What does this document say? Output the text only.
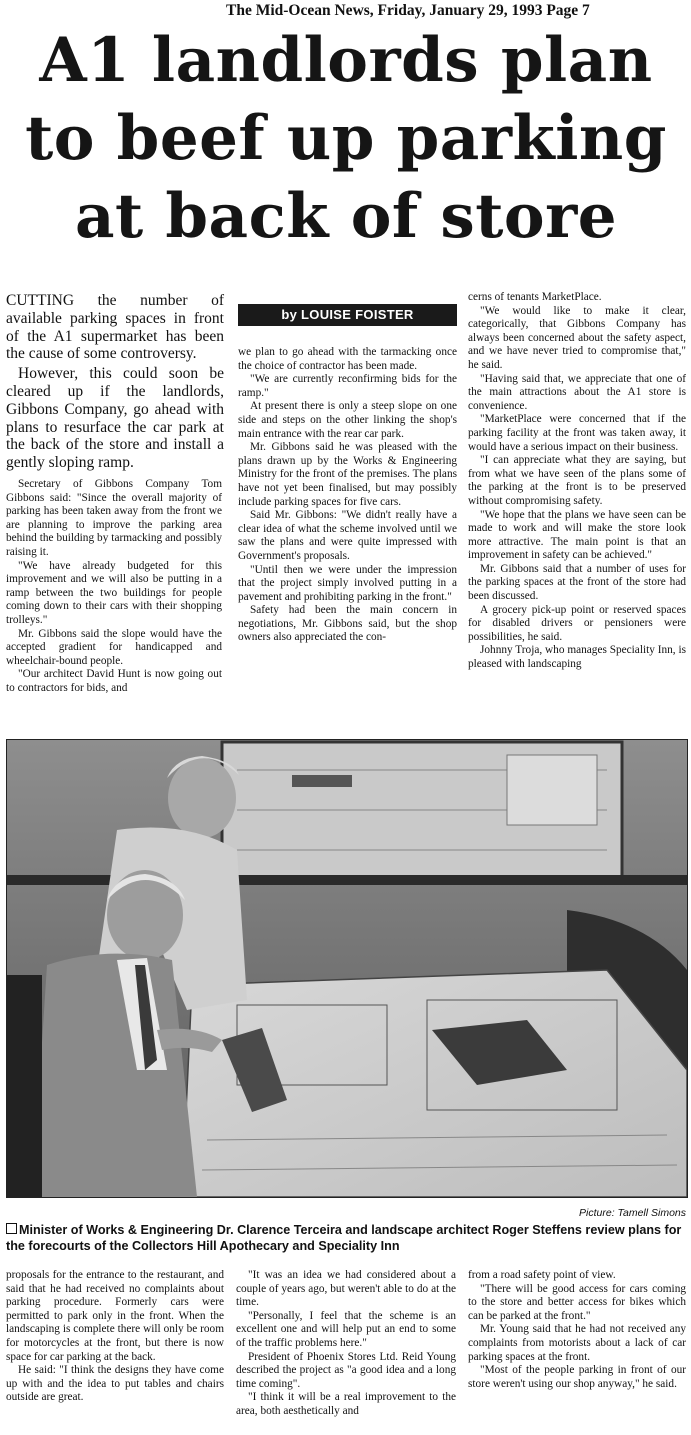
The Mid-Ocean News, Friday, January 29, 1993 Page 7
A1 landlords plan
to beef up parking
at back of store

CUTTING the number of available parking spaces in front of the A1 supermarket has been the cause of some controversy.

However, this could soon be cleared up if the landlords, Gibbons Company, go ahead with plans to resurface the car park at the back of the store and install a gently sloping ramp.

Secretary of Gibbons Company Tom Gibbons said: "Since the overall majority of parking has been taken away from the front we are planning to improve the parking area behind the building by tarmacking and possibly raising it.

"We have already budgeted for this improvement and we will also be putting in a ramp between the two buildings for people coming down to their cars with their shopping trolleys."

Mr. Gibbons said the slope would have the accepted gradient for handicapped and wheelchair-bound people.

"Our architect David Hunt is now going out to contractors for bids, and

by LOUISE FOISTER

we plan to go ahead with the tarmacking once the choice of contractor has been made.

"We are currently reconfirming bids for the ramp."

At present there is only a steep slope on one side and steps on the other linking the shop's main entrance with the rear car park.

Mr. Gibbons said he was pleased with the plans drawn up by the Works & Engineering Ministry for the front of the premises. The plans have not yet been finalised, but may possibly include parking spaces for five cars.

Said Mr. Gibbons: "We didn't really have a clear idea of what the scheme involved until we saw the plans and were quite impressed with Government's proposals.

"Until then we were under the impression that the project simply involved putting in a pavement and prohibiting parking in the front."

Safety had been the main concern in negotiations, Mr. Gibbons said, but the shop owners also appreciated the con-

cerns of tenants MarketPlace.

"We would like to make it clear, categorically, that Gibbons Company has always been concerned about the safety aspect, and we have never tried to compromise that," he said.

"Having said that, we appreciate that one of the main attractions about the A1 store is convenience.

"MarketPlace were concerned that if the parking facility at the front was taken away, it would have a serious impact on their business.

"I can appreciate what they are saying, but from what we have seen of the plans some of the parking at the front is to be preserved without compromising safety.

"We hope that the plans we have seen can be made to work and will make the store look more attractive. The main point is that an improvement in safety can be achieved."

Mr. Gibbons said that a number of uses for the parking spaces at the front of the store had been discussed.

A grocery pick-up point or reserved spaces for disabled drivers or pensioners were possibilities, he said.

Johnny Troja, who manages Speciality Inn, is pleased with landscaping

Picture: Tamell Simons
Minister of Works & Engineering Dr. Clarence Terceira and landscape architect Roger Steffens review plans for the forecourts of the Collectors Hill Apothecary and Speciality Inn

proposals for the entrance to the restaurant, and said that he had received no complaints about parking procedure. Formerly cars were permitted to park only in the front. When the landscaping is complete there will only be room for motorcycles at the front, but there is now space for car parking at the back.

He said: "I think the designs they have come up with and the idea to put tables and chairs outside are great.

"It was an idea we had considered about a couple of years ago, but weren't able to do at the time.

"Personally, I feel that the scheme is an excellent one and will help put an end to some of the traffic problems here."

President of Phoenix Stores Ltd. Reid Young described the project as "a good idea and a long time coming".

"I think it will be a real improvement to the area, both aesthetically and

from a road safety point of view.

"There will be good access for cars coming to the store and better access for bikes which can be parked at the front."

Mr. Young said that he had not received any complaints from motorists about a lack of car parking spaces at the front.

"Most of the people parking in front of our store weren't using our shop anyway," he said.
